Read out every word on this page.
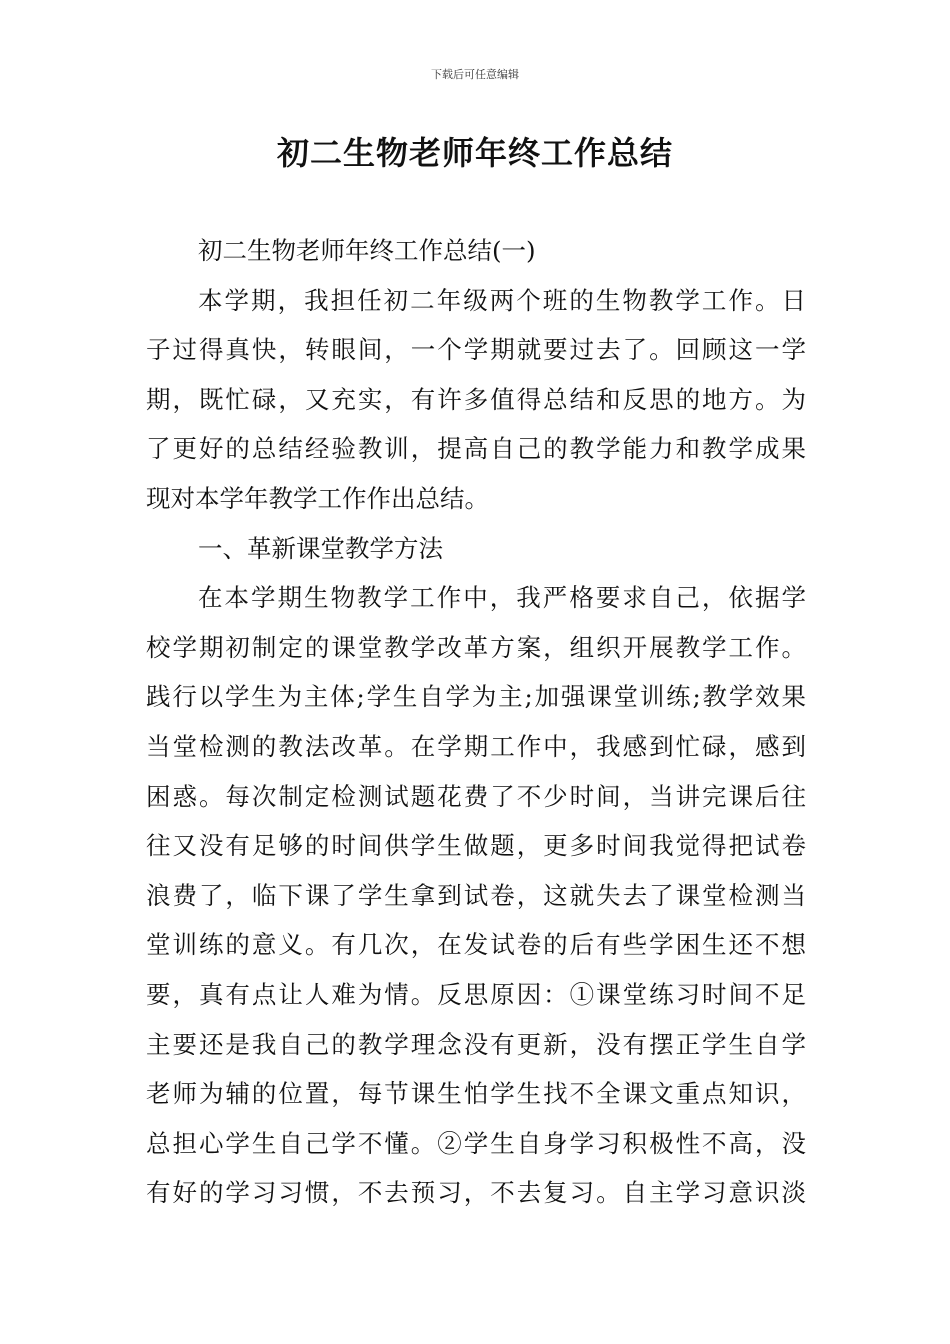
下载后可任意编辑
初二生物老师年终工作总结
初二生物老师年终工作总结(一)
本学期，我担任初二年级两个班的生物教学工作。日
子过得真快，转眼间，一个学期就要过去了。回顾这一学
期，既忙碌，又充实，有许多值得总结和反思的地方。为
了更好的总结经验教训，提高自己的教学能力和教学成果
现对本学年教学工作作出总结。
一、革新课堂教学方法
在本学期生物教学工作中，我严格要求自己，依据学
校学期初制定的课堂教学改革方案，组织开展教学工作。
践行以学生为主体;学生自学为主;加强课堂训练;教学效果
当堂检测的教法改革。在学期工作中，我感到忙碌，感到
困惑。每次制定检测试题花费了不少时间，当讲完课后往
往又没有足够的时间供学生做题，更多时间我觉得把试卷
浪费了，临下课了学生拿到试卷，这就失去了课堂检测当
堂训练的意义。有几次，在发试卷的后有些学困生还不想
要，真有点让人难为情。反思原因：①课堂练习时间不足
主要还是我自己的教学理念没有更新，没有摆正学生自学
老师为辅的位置，每节课生怕学生找不全课文重点知识，
总担心学生自己学不懂。②学生自身学习积极性不高，没
有好的学习习惯，不去预习，不去复习。自主学习意识淡
